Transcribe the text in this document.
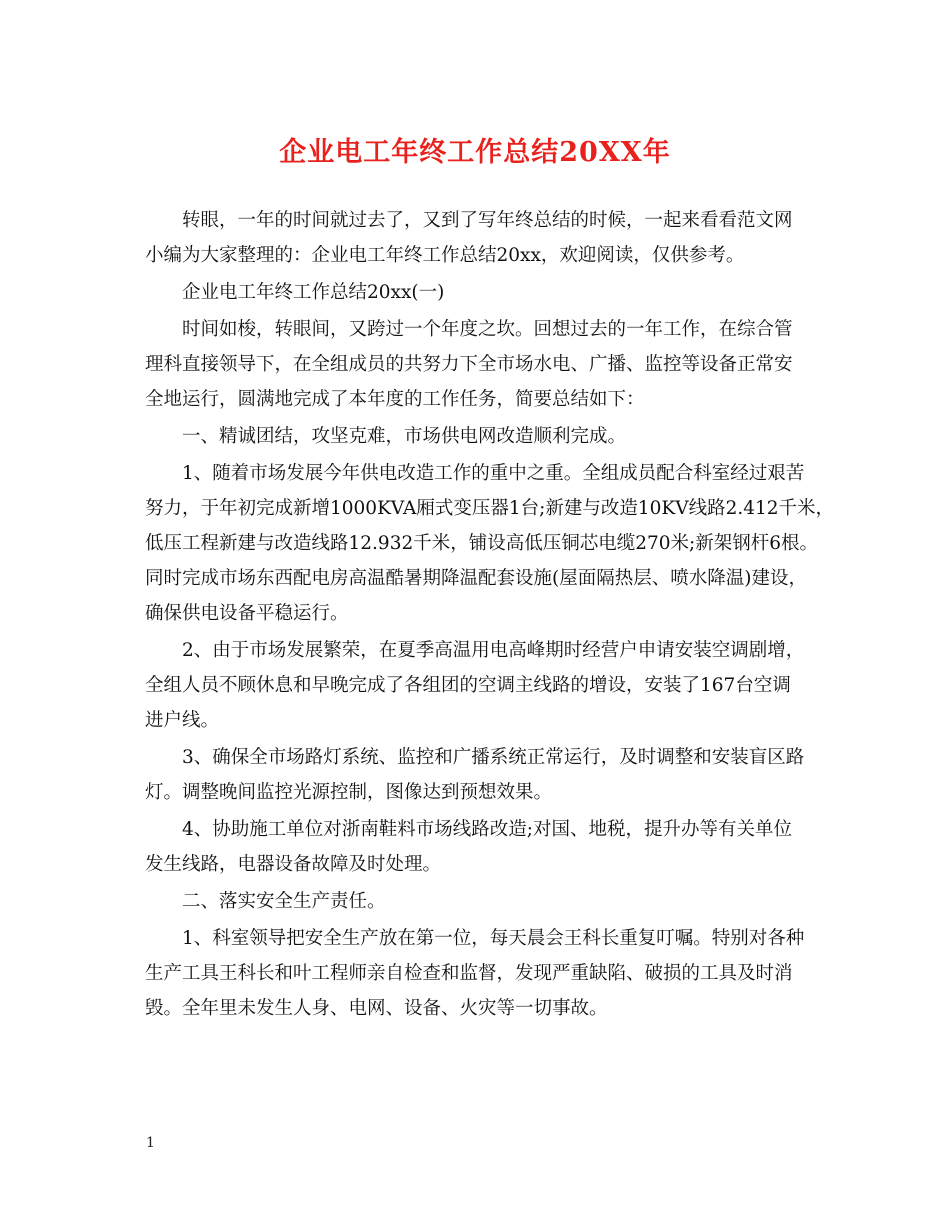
企业电工年终工作总结20XX年
转眼，一年的时间就过去了，又到了写年终总结的时候，一起来看看范文网
小编为大家整理的：企业电工年终工作总结20xx，欢迎阅读，仅供参考。
企业电工年终工作总结20xx(一)
时间如梭，转眼间，又跨过一个年度之坎。回想过去的一年工作，在综合管
理科直接领导下，在全组成员的共努力下全市场水电、广播、监控等设备正常安
全地运行，圆满地完成了本年度的工作任务，简要总结如下：
一、精诚团结，攻坚克难，市场供电网改造顺利完成。
1、随着市场发展今年供电改造工作的重中之重。全组成员配合科室经过艰苦
努力，于年初完成新增1000KVA厢式变压器1台;新建与改造10KV线路2.412千米，
低压工程新建与改造线路12.932千米，铺设高低压铜芯电缆270米;新架钢杆6根。
同时完成市场东西配电房高温酷暑期降温配套设施(屋面隔热层、喷水降温)建设，
确保供电设备平稳运行。
2、由于市场发展繁荣，在夏季高温用电高峰期时经营户申请安装空调剧增，
全组人员不顾休息和早晚完成了各组团的空调主线路的增设，安装了167台空调
进户线。
3、确保全市场路灯系统、监控和广播系统正常运行，及时调整和安装盲区路
灯。调整晚间监控光源控制，图像达到预想效果。
4、协助施工单位对浙南鞋料市场线路改造;对国、地税，提升办等有关单位
发生线路，电器设备故障及时处理。
二、落实安全生产责任。
1、科室领导把安全生产放在第一位，每天晨会王科长重复叮嘱。特别对各种
生产工具王科长和叶工程师亲自检查和监督，发现严重缺陷、破损的工具及时消
毁。全年里未发生人身、电网、设备、火灾等一切事故。
1
